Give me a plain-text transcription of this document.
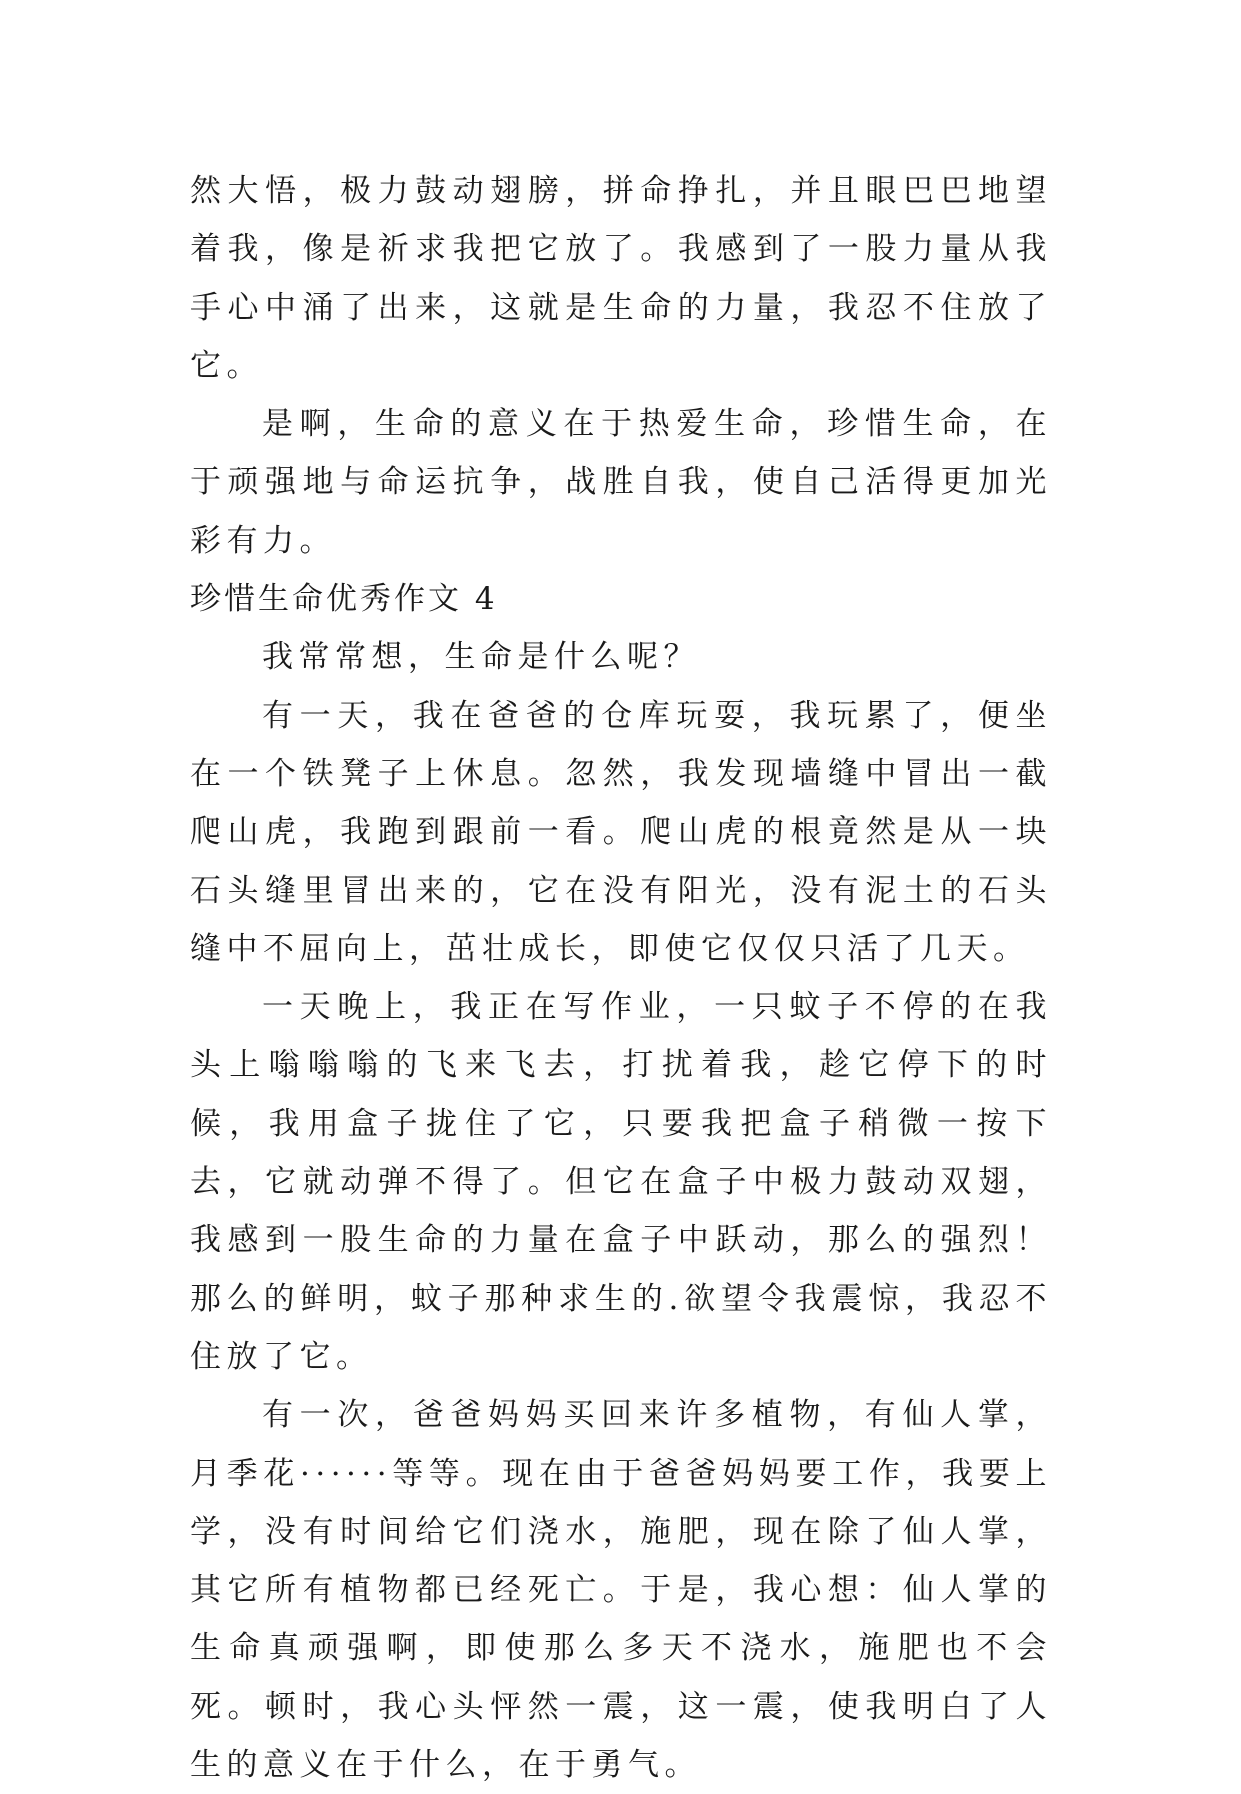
然大悟，极力鼓动翅膀，拼命挣扎，并且眼巴巴地望着我，像是祈求我把它放了。我感到了一股力量从我手心中涌了出来，这就是生命的力量，我忍不住放了它。

是啊，生命的意义在于热爱生命，珍惜生命，在于顽强地与命运抗争，战胜自我，使自己活得更加光彩有力。

珍惜生命优秀作文 4

我常常想，生命是什么呢？

有一天，我在爸爸的仓库玩耍，我玩累了，便坐在一个铁凳子上休息。忽然，我发现墙缝中冒出一截爬山虎，我跑到跟前一看。爬山虎的根竟然是从一块石头缝里冒出来的，它在没有阳光，没有泥土的石头缝中不屈向上，茁壮成长，即使它仅仅只活了几天。

一天晚上，我正在写作业，一只蚊子不停的在我头上嗡嗡嗡的飞来飞去，打扰着我，趁它停下的时候，我用盒子拢住了它，只要我把盒子稍微一按下去，它就动弹不得了。但它在盒子中极力鼓动双翅，我感到一股生命的力量在盒子中跃动，那么的强烈！那么的鲜明，蚊子那种求生的.欲望令我震惊，我忍不住放了它。

有一次，爸爸妈妈买回来许多植物，有仙人掌，月季花······等等。现在由于爸爸妈妈要工作，我要上学，没有时间给它们浇水，施肥，现在除了仙人掌，其它所有植物都已经死亡。于是，我心想：仙人掌的生命真顽强啊，即使那么多天不浇水，施肥也不会死。顿时，我心头怦然一震，这一震，使我明白了人生的意义在于什么，在于勇气。
